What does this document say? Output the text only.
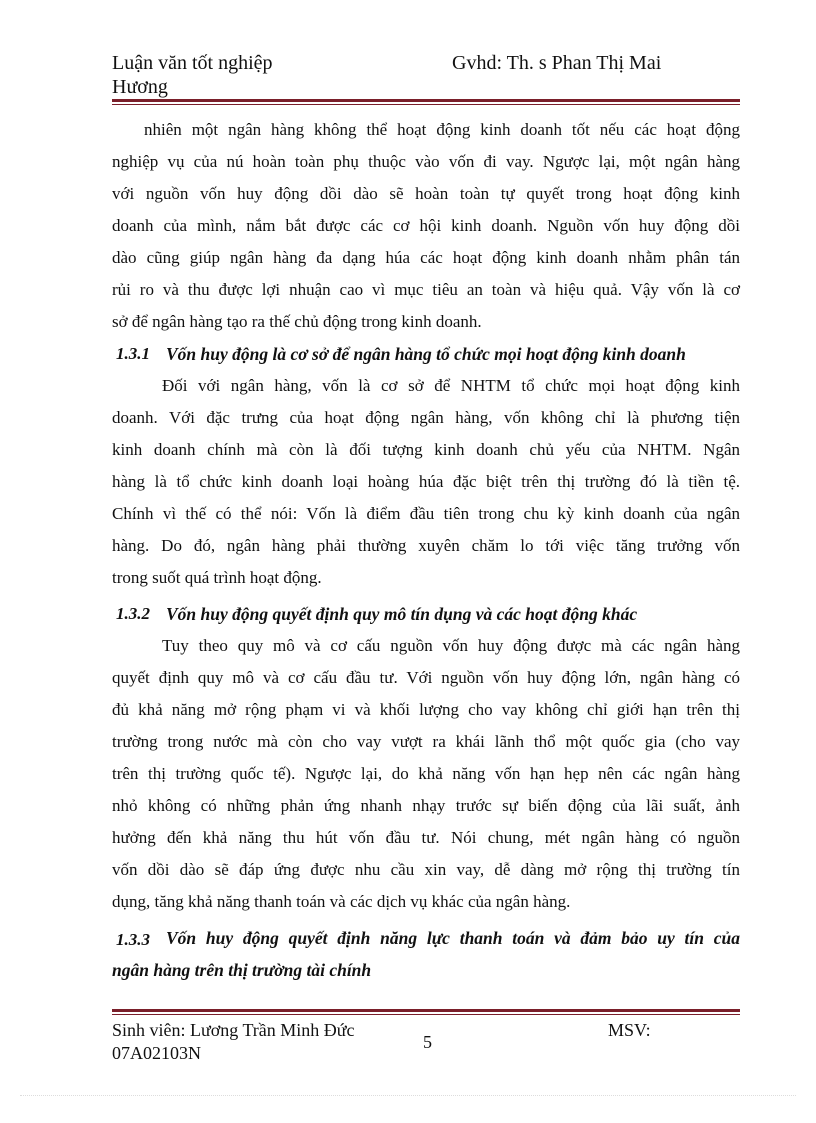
Luận văn tốt nghiệp	Gvhd: Th. s Phan Thị Mai
Hương
nhiên một ngân hàng không thể hoạt động kinh doanh tốt nếu các hoạt động
nghiệp vụ của nú hoàn toàn phụ thuộc vào vốn đi vay. Ngược lại, một ngân hàng
với nguồn vốn huy động dồi dào sẽ hoàn toàn tự quyết trong hoạt động kinh
doanh của mình, nắm bắt được các cơ hội kinh doanh. Nguồn vốn huy động dồi
dào cũng giúp ngân hàng đa dạng húa các hoạt động kinh doanh nhằm phân tán
rủi ro và thu được lợi nhuận cao vì mục tiêu an toàn và hiệu quả. Vậy vốn là cơ
sở để ngân hàng tạo ra thế chủ động trong kinh doanh.
1.3.1 Vốn huy động là cơ sở để ngân hàng tổ chức mọi hoạt động kinh doanh
Đối với ngân hàng, vốn là cơ sở để NHTM tổ chức mọi hoạt động kinh
doanh. Với đặc trưng của hoạt động ngân hàng, vốn không chỉ là phương tiện
kinh doanh chính mà còn là đối tượng kinh doanh chủ yếu của NHTM. Ngân
hàng là tổ chức kinh doanh loại hoàng húa đặc biệt trên thị trường đó là tiền tệ.
Chính vì thế có thể nói: Vốn là điểm đầu tiên trong chu kỳ kinh doanh của ngân
hàng. Do đó, ngân hàng phải thường xuyên chăm lo tới việc tăng trưởng vốn
trong suốt quá trình hoạt động.
1.3.2 Vốn huy động quyết định quy mô tín dụng và các hoạt động khác
Tuy theo quy mô và cơ cấu nguồn vốn huy động được mà các ngân hàng
quyết định quy mô và cơ cấu đầu tư. Với nguồn vốn huy động lớn, ngân hàng có
đủ khả năng mở rộng phạm vi và khối lượng cho vay không chỉ giới hạn trên thị
trường trong nước mà còn cho vay vượt ra khái lãnh thổ một quốc gia (cho vay
trên thị trường quốc tế). Ngược lại, do khả năng vốn hạn hẹp nên các ngân hàng
nhỏ không có những phản ứng nhanh nhạy trước sự biến động của lãi suất, ảnh
hưởng đến khả năng thu hút vốn đầu tư. Nói chung, mét ngân hàng có nguồn
vốn dồi dào sẽ đáp ứng được nhu cầu xin vay, dễ dàng mở rộng thị trường tín
dụng, tăng khả năng thanh toán và các dịch vụ khác của ngân hàng.
1.3.3 Vốn huy động quyết định năng lực thanh toán và đảm bảo uy tín của
ngân hàng trên thị trường tài chính
Sinh viên: Lương Trần Minh Đức	MSV:
5
07A02103N
